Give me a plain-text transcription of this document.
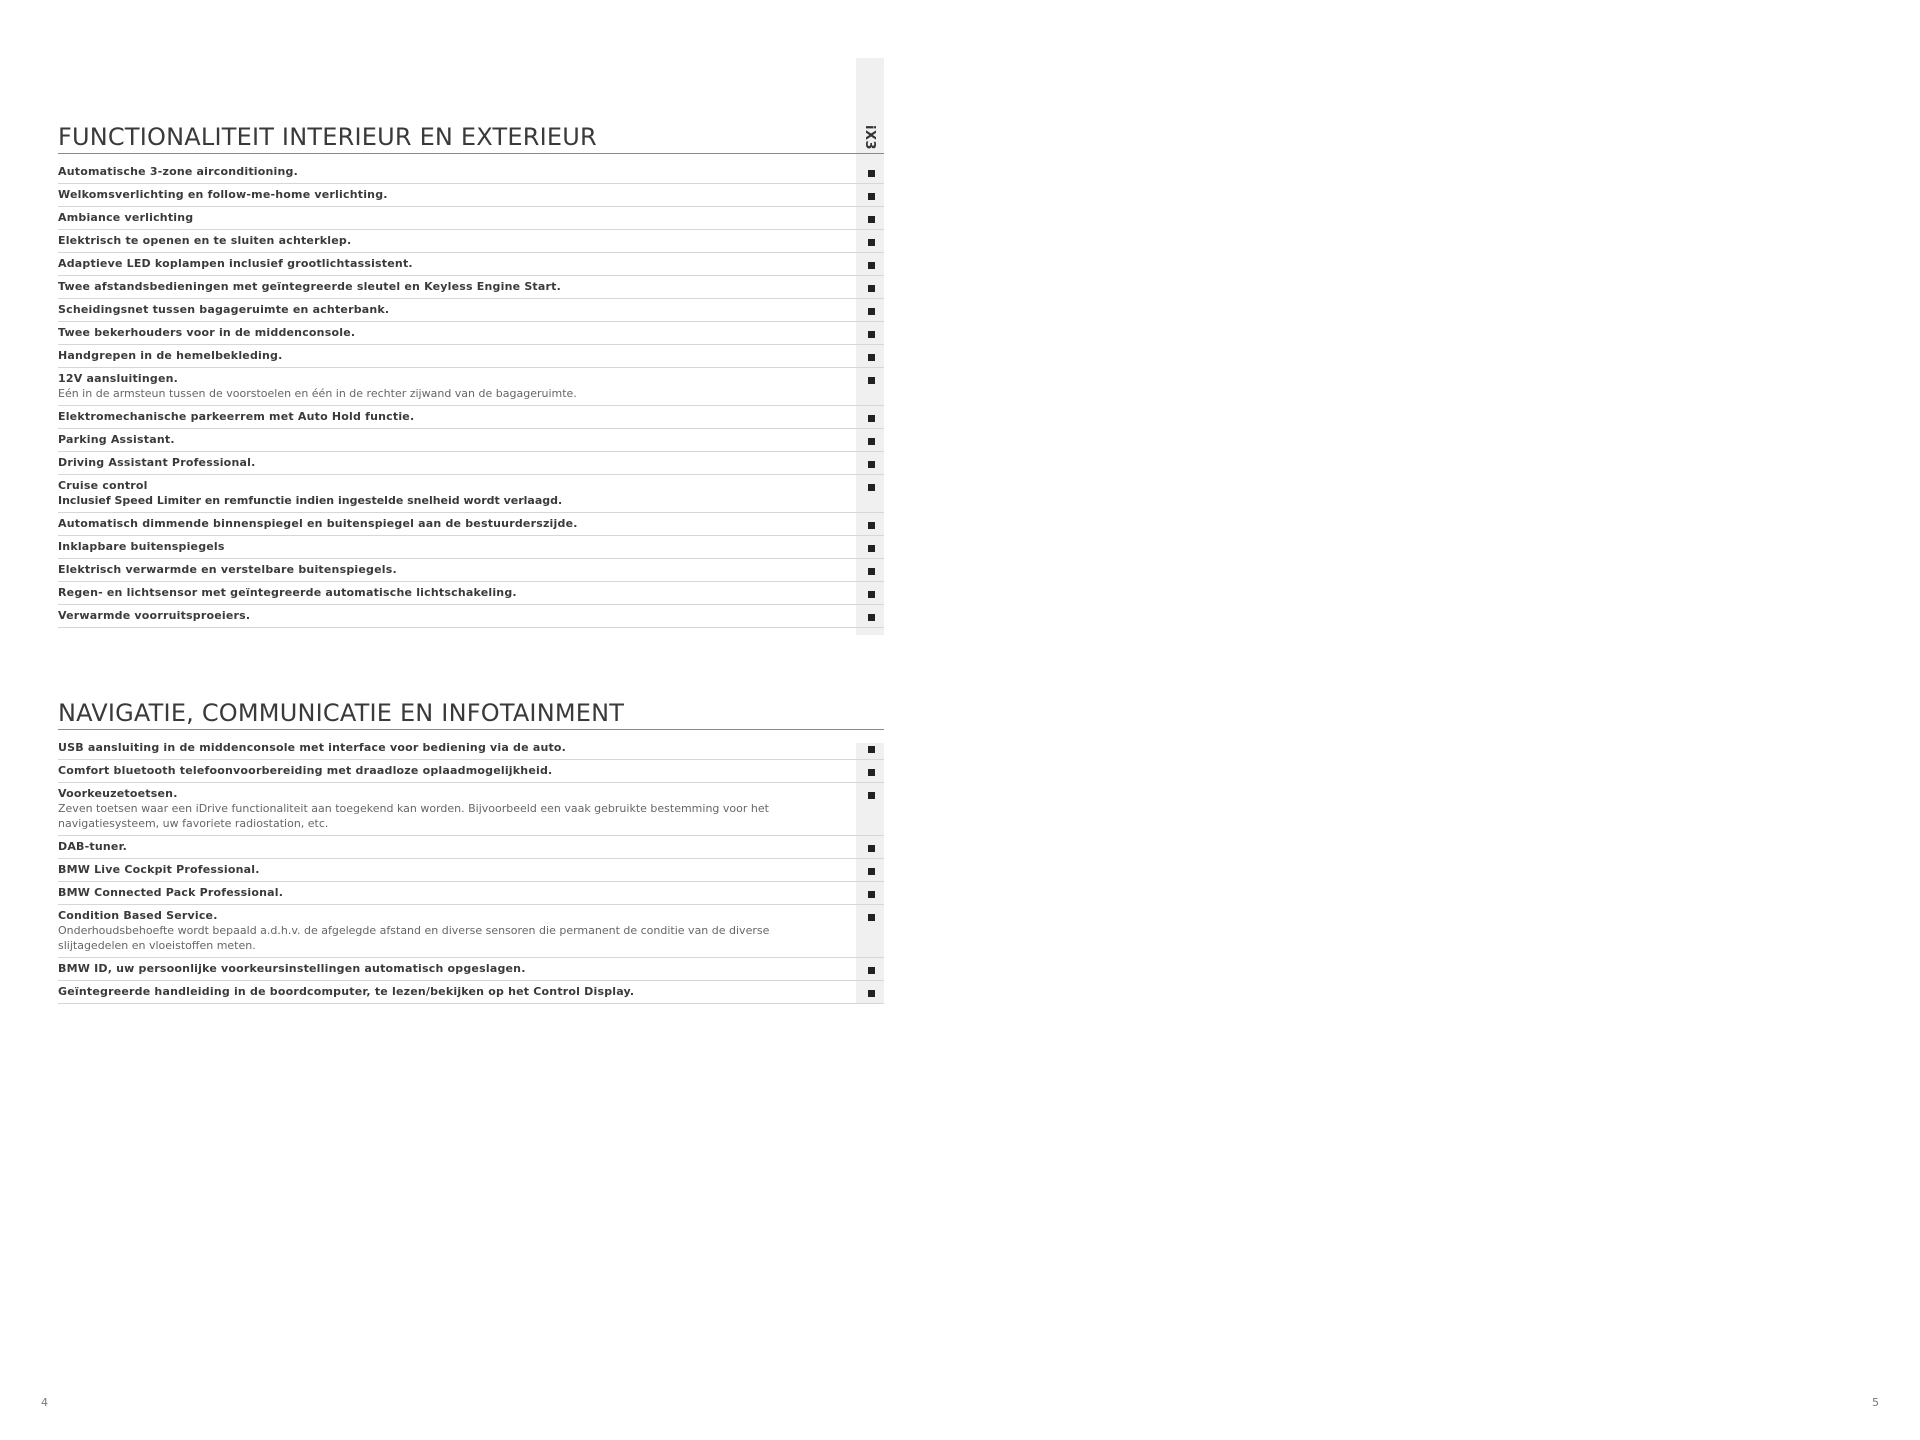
iX3
FUNCTIONALITEIT INTERIEUR EN EXTERIEUR
Automatische 3-zone airconditioning.
Welkomsverlichting en follow-me-home verlichting.
Ambiance verlichting
Elektrisch te openen en te sluiten achterklep.
Adaptieve LED koplampen inclusief grootlichtassistent.
Twee afstandsbedieningen met geïntegreerde sleutel en Keyless Engine Start.
Scheidingsnet tussen bagageruimte en achterbank.
Twee bekerhouders voor in de middenconsole.
Handgrepen in de hemelbekleding.
12V aansluitingen.
Eén in de armsteun tussen de voorstoelen en één in de rechter zijwand van de bagageruimte.
Elektromechanische parkeerrem met Auto Hold functie.
Parking Assistant.
Driving Assistant Professional.
Cruise control
Inclusief Speed Limiter en remfunctie indien ingestelde snelheid wordt verlaagd.
Automatisch dimmende binnenspiegel en buitenspiegel aan de bestuurderszijde.
Inklapbare buitenspiegels
Elektrisch verwarmde en verstelbare buitenspiegels.
Regen- en lichtsensor met geïntegreerde automatische lichtschakeling.
Verwarmde voorruitsproeiers.
NAVIGATIE, COMMUNICATIE EN INFOTAINMENT
USB aansluiting in de middenconsole met interface voor bediening via de auto.
Comfort bluetooth telefoonvoorbereiding met draadloze oplaadmogelijkheid.
Voorkeuzetoetsen.
Zeven toetsen waar een iDrive functionaliteit aan toegekend kan worden. Bijvoorbeeld een vaak gebruikte bestemming voor het navigatiesysteem, uw favoriete radiostation, etc.
DAB-tuner.
BMW Live Cockpit Professional.
BMW Connected Pack Professional.
Condition Based Service.
Onderhoudsbehoefte wordt bepaald a.d.h.v. de afgelegde afstand en diverse sensoren die permanent de conditie van de diverse slijtagedelen en vloeistoffen meten.
BMW ID, uw persoonlijke voorkeursinstellingen automatisch opgeslagen.
Geïntegreerde handleiding in de boordcomputer, te lezen/bekijken op het Control Display.
4	5
